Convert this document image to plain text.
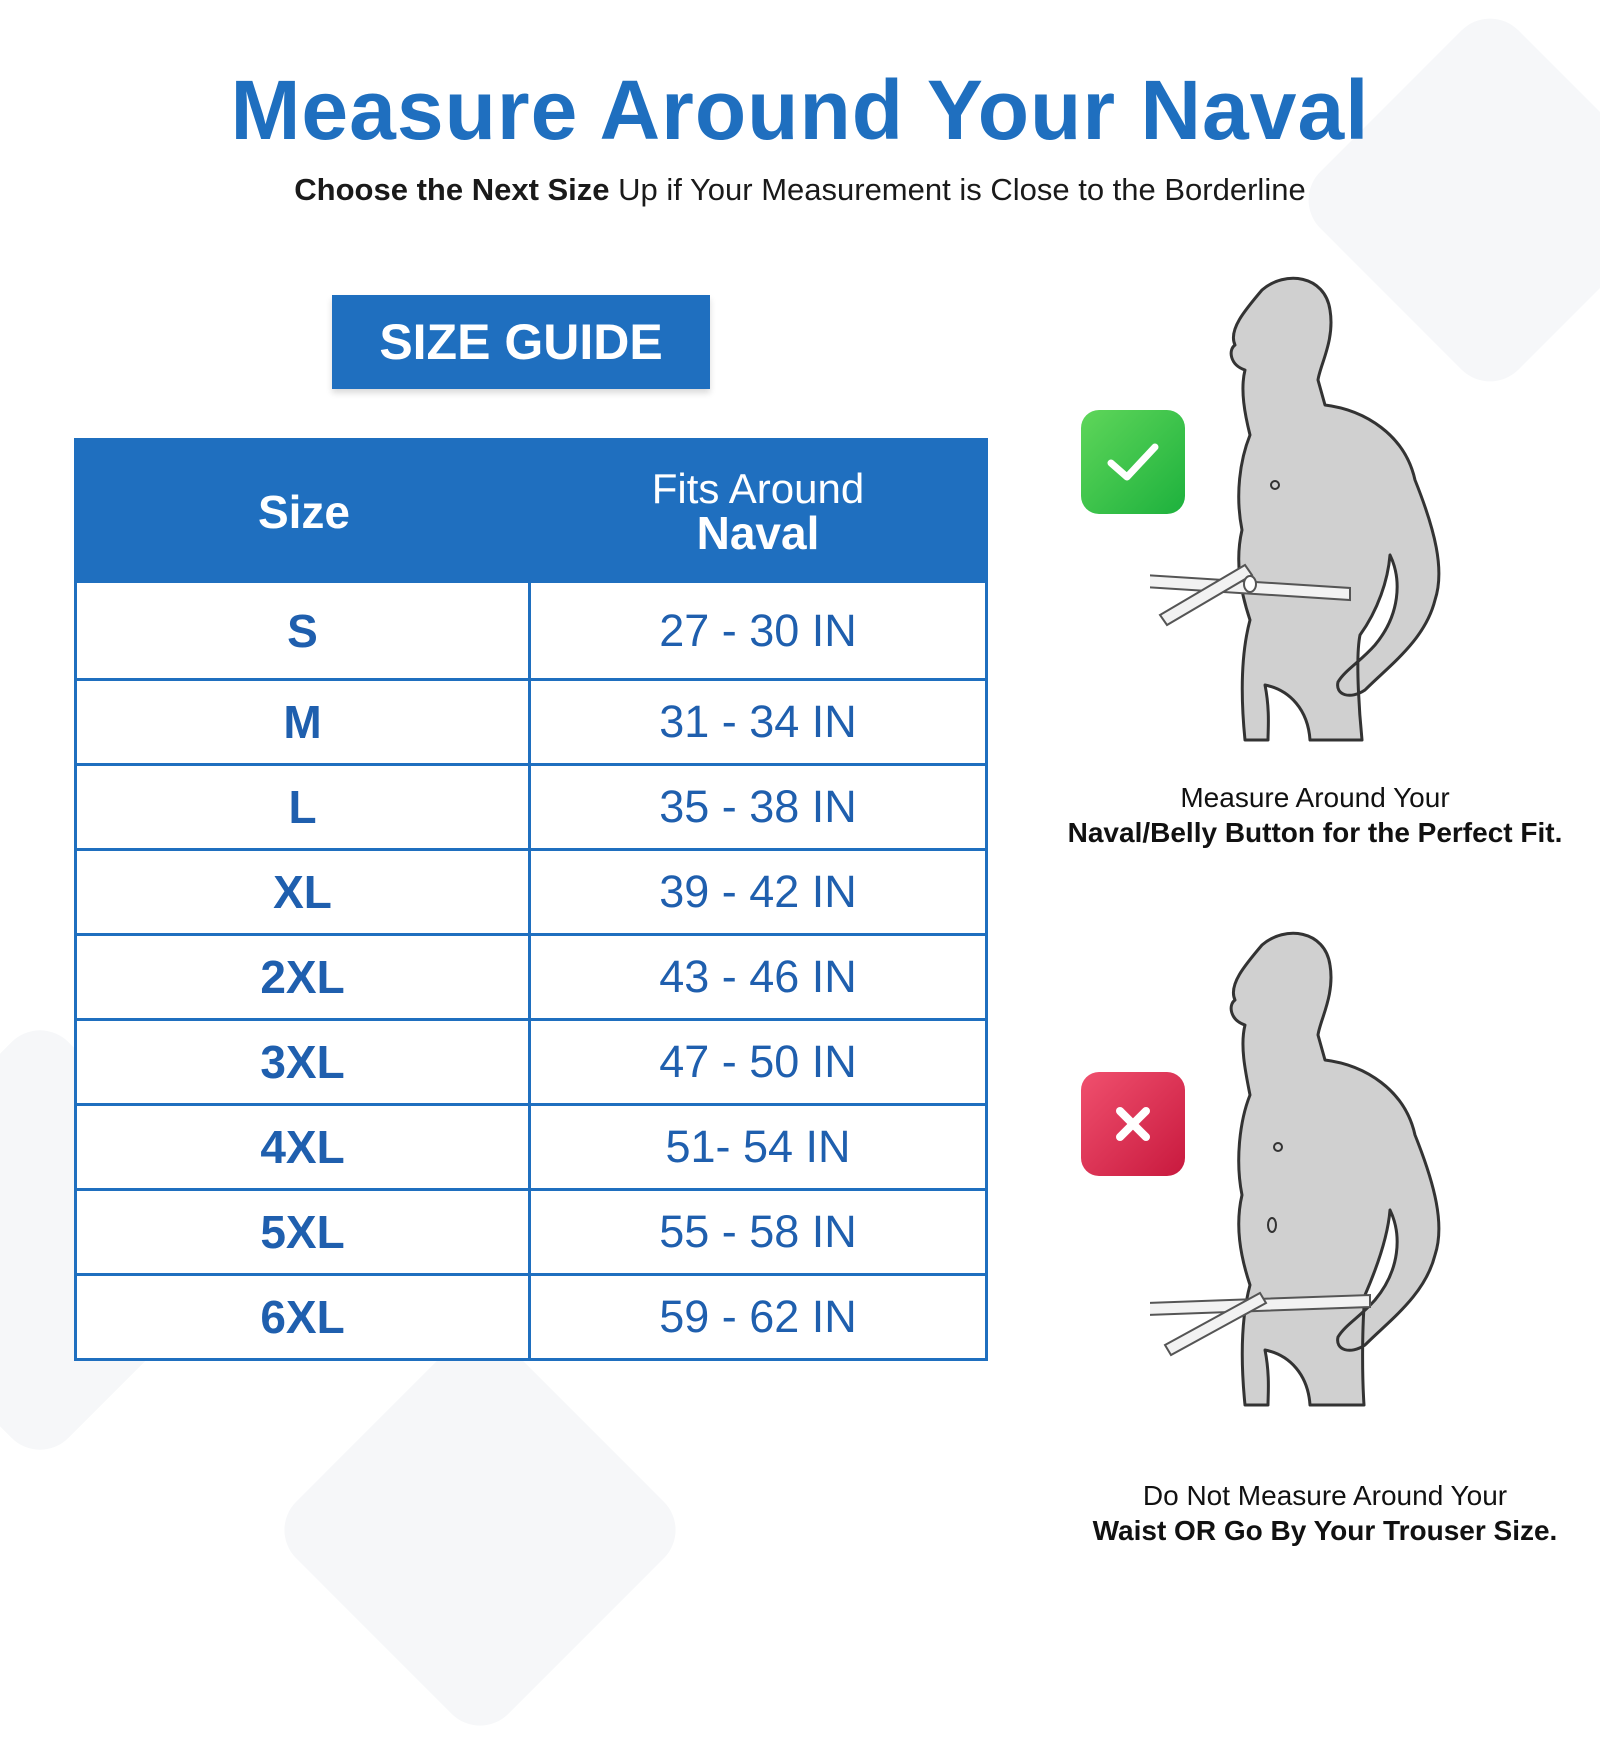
Measure Around Your Naval
Choose the Next Size Up if Your Measurement is Close to the Borderline
SIZE GUIDE
Size	Fits Around
Naval
S	27 - 30 IN
M	31 - 34 IN
L	35 - 38 IN
XL	39 - 42 IN
2XL	43 - 46 IN
3XL	47 - 50 IN
4XL	51- 54 IN
5XL	55 - 58 IN
6XL	59 - 62 IN
Measure Around Your
Naval/Belly Button for the Perfect Fit.
Do Not Measure Around Your
Waist OR Go By Your Trouser Size.
